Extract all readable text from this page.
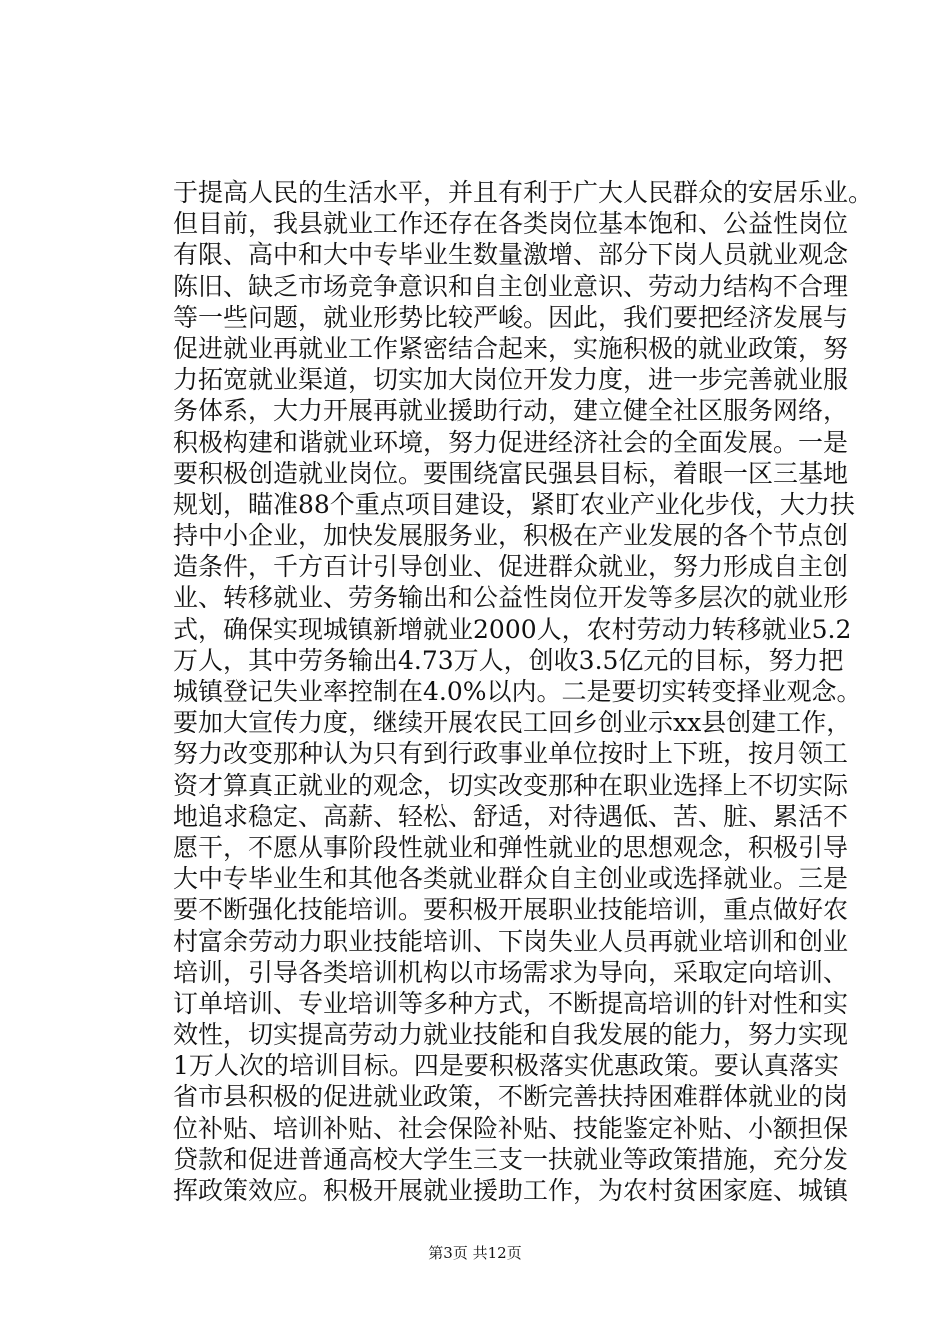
于提高人民的生活水平，并且有利于广大人民群众的安居乐业。
但目前，我县就业工作还存在各类岗位基本饱和、公益性岗位
有限、高中和大中专毕业生数量激增、部分下岗人员就业观念
陈旧、缺乏市场竞争意识和自主创业意识、劳动力结构不合理
等一些问题，就业形势比较严峻。因此，我们要把经济发展与
促进就业再就业工作紧密结合起来，实施积极的就业政策，努
力拓宽就业渠道，切实加大岗位开发力度，进一步完善就业服
务体系，大力开展再就业援助行动，建立健全社区服务网络，
积极构建和谐就业环境，努力促进经济社会的全面发展。一是
要积极创造就业岗位。要围绕富民强县目标，着眼一区三基地
规划，瞄准88个重点项目建设，紧盯农业产业化步伐，大力扶
持中小企业，加快发展服务业，积极在产业发展的各个节点创
造条件，千方百计引导创业、促进群众就业，努力形成自主创
业、转移就业、劳务输出和公益性岗位开发等多层次的就业形
式，确保实现城镇新增就业2000人，农村劳动力转移就业5.2
万人，其中劳务输出4.73万人，创收3.5亿元的目标，努力把
城镇登记失业率控制在4.0%以内。二是要切实转变择业观念。
要加大宣传力度，继续开展农民工回乡创业示xx县创建工作，
努力改变那种认为只有到行政事业单位按时上下班，按月领工
资才算真正就业的观念，切实改变那种在职业选择上不切实际
地追求稳定、高薪、轻松、舒适，对待遇低、苦、脏、累活不
愿干，不愿从事阶段性就业和弹性就业的思想观念，积极引导
大中专毕业生和其他各类就业群众自主创业或选择就业。三是
要不断强化技能培训。要积极开展职业技能培训，重点做好农
村富余劳动力职业技能培训、下岗失业人员再就业培训和创业
培训，引导各类培训机构以市场需求为导向，采取定向培训、
订单培训、专业培训等多种方式，不断提高培训的针对性和实
效性，切实提高劳动力就业技能和自我发展的能力，努力实现
1万人次的培训目标。四是要积极落实优惠政策。要认真落实
省市县积极的促进就业政策，不断完善扶持困难群体就业的岗
位补贴、培训补贴、社会保险补贴、技能鉴定补贴、小额担保
贷款和促进普通高校大学生三支一扶就业等政策措施，充分发
挥政策效应。积极开展就业援助工作，为农村贫困家庭、城镇
第3页 共12页
